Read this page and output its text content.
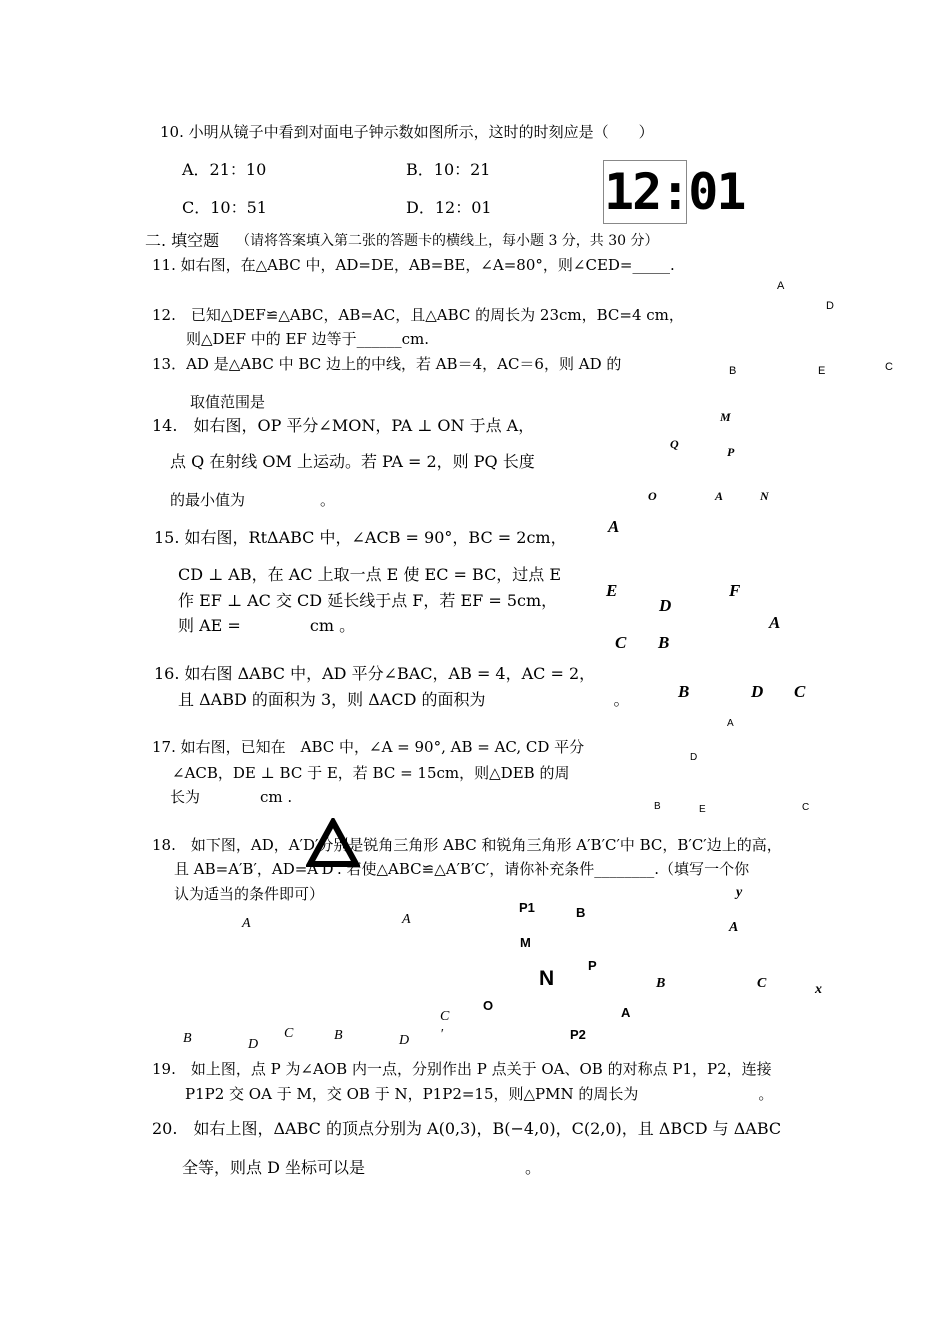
10. 小明从镜子中看到对面电子钟示数如图所示，这时的时刻应是（　　）
A．21：10	B．10：21
C．10：51	D．12：01 12:01
二. 填空题 （请将答案填入第二张的答题卡的横线上，每小题 3 分，共 30 分）
11. 如右图，在△ABC 中，AD=DE，AB=BE，∠A=80°，则∠CED=_____.
A
D
B	E	C
12.　已知△DEF≌△ABC，AB=AC，且△ABC 的周长为 23cm，BC=4 cm，
则△DEF 中的 EF 边等于______cm.
13．AD 是△ABC 中 BC 边上的中线，若 AB＝4，AC＝6，则 AD 的
取值范围是
14.　如右图，OP 平分∠MON，PA ⊥ ON 于点 A，
点 Q 在射线 OM 上运动。若 PA = 2，则 PQ 长度
的最小值为　　　　　。
M
Q
P
O	A	N
15. 如右图，RtΔABC 中，∠ACB = 90°，BC = 2cm，
CD ⊥ AB，在 AC 上取一点 E 使 EC = BC，过点 E
作 EF ⊥ AC 交 CD 延长线于点 F，若 EF = 5cm，
则 AE = 　　　　cm 。
A
E	F
D
C B
16. 如右图 ΔABC 中，AD 平分∠BAC，AB = 4，AC = 2，
且 ΔABD 的面积为 3，则 ΔACD 的面积为　　　　　　　　。
A
B	D C
17. 如右图，已知在　ABC 中，∠A = 90°, AB = AC, CD 平分
∠ACB，DE ⊥ BC 于 E，若 BC = 15cm，则△DEB 的周
长为　　　　cm .
A
D
B	E	C
18.　如下图，AD，A′D′分别是锐角三角形 ABC 和锐角三角形 A′B′C′中 BC，B′C′边上的高，
且 AB=A′B′，AD=A′D′. 若使△ABC≌△A′B′C′，请你补充条件________.（填写一个你
认为适当的条件即可）
A	A
B	D
C	B	D
C
′
P1	B
M
N
P
O	A
P2
y
A
B	C	x
19.　如上图，点 P 为∠AOB 内一点，分别作出 P 点关于 OA、OB 的对称点 P1，P2，连接
P1P2 交 OA 于 M，交 OB 于 N，P1P2=15，则△PMN 的周长为　　　　　　　　。
20.　如右上图，ΔABC 的顶点分别为 A(0,3)，B(−4,0)，C(2,0)，且 ΔBCD 与 ΔABC
全等，则点 D 坐标可以是　　　　　　　　　　。
